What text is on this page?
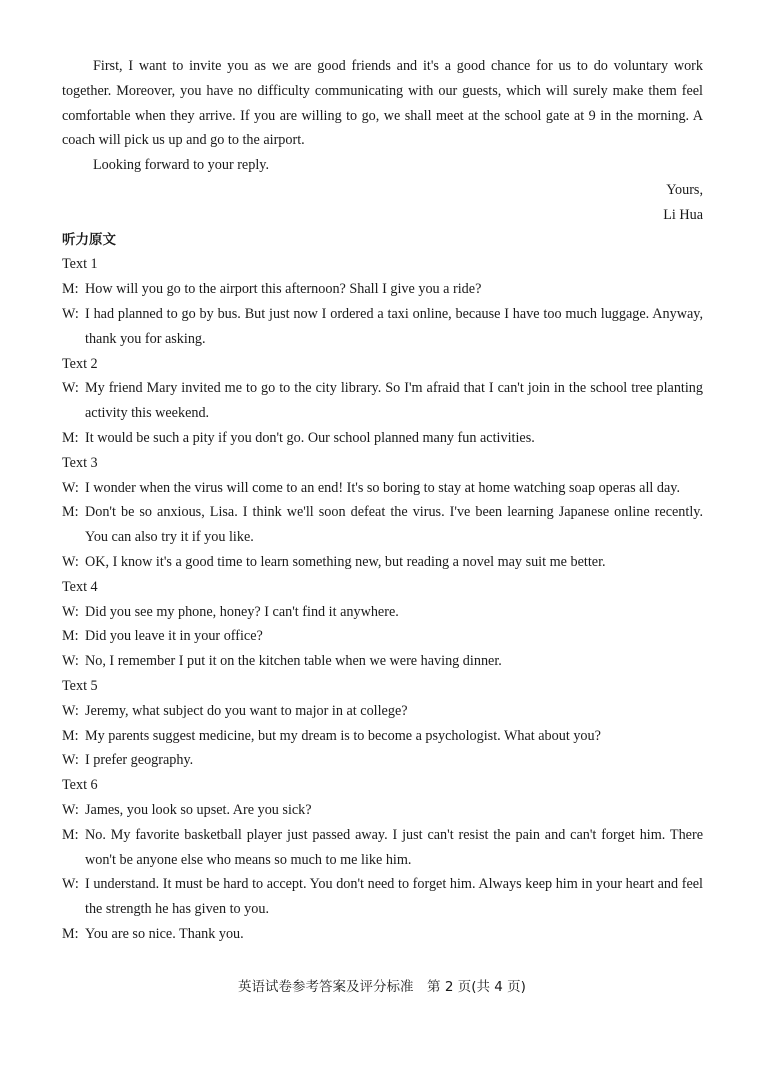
First, I want to invite you as we are good friends and it's a good chance for us to do voluntary work together. Moreover, you have no difficulty communicating with our guests, which will surely make them feel comfortable when they arrive. If you are willing to go, we shall meet at the school gate at 9 in the morning. A coach will pick us up and go to the airport.

Looking forward to your reply.

Yours,

Li Hua

听力原文

Text 1

M: How will you go to the airport this afternoon? Shall I give you a ride?

W: I had planned to go by bus. But just now I ordered a taxi online, because I have too much luggage. Anyway, thank you for asking.

Text 2

W: My friend Mary invited me to go to the city library. So I'm afraid that I can't join in the school tree planting activity this weekend.

M: It would be such a pity if you don't go. Our school planned many fun activities.

Text 3

W: I wonder when the virus will come to an end! It's so boring to stay at home watching soap operas all day.

M: Don't be so anxious, Lisa. I think we'll soon defeat the virus. I've been learning Japanese online recently. You can also try it if you like.

W: OK, I know it's a good time to learn something new, but reading a novel may suit me better.

Text 4

W: Did you see my phone, honey? I can't find it anywhere.

M: Did you leave it in your office?

W: No, I remember I put it on the kitchen table when we were having dinner.

Text 5

W: Jeremy, what subject do you want to major in at college?

M: My parents suggest medicine, but my dream is to become a psychologist. What about you?

W: I prefer geography.

Text 6

W: James, you look so upset. Are you sick?

M: No. My favorite basketball player just passed away. I just can't resist the pain and can't forget him. There won't be anyone else who means so much to me like him.

W: I understand. It must be hard to accept. You don't need to forget him. Always keep him in your heart and feel the strength he has given to you.

M: You are so nice. Thank you.

英语试卷参考答案及评分标准　第 2 页(共 4 页)
